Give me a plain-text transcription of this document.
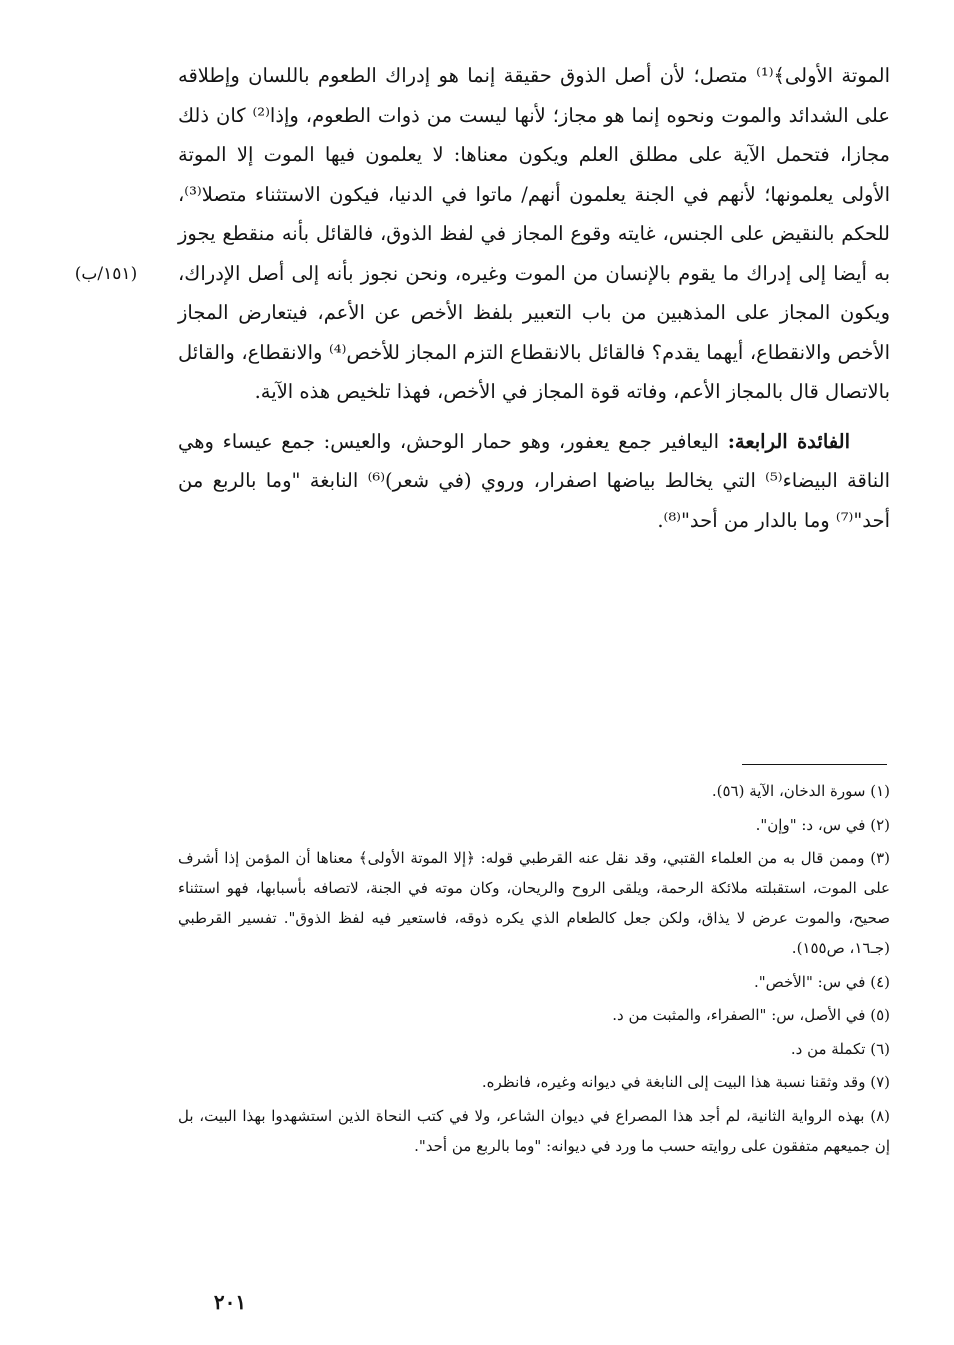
الموتة الأولى﴾⁽¹⁾ متصل؛ لأن أصل الذوق حقيقة إنما هو إدراك الطعوم باللسان وإطلاقه على الشدائد والموت ونحوه إنما هو مجاز؛ لأنها ليست من ذوات الطعوم، وإذا⁽²⁾ كان ذلك مجازا، فتحمل الآية على مطلق العلم ويكون معناها: لا يعلمون فيها الموت إلا الموتة الأولى يعلمونها؛ لأنهم في الجنة يعلمون أنهم/ ماتوا في الدنيا، فيكون الاستثناء متصلا⁽³⁾، للحكم بالنقيض على الجنس، غايته وقوع المجاز في لفظ الذوق، فالقائل بأنه منقطع يجوز به أيضا إلى إدراك ما يقوم بالإنسان من الموت وغيره، ونحن نجوز بأنه إلى أصل الإدراك، ويكون المجاز على المذهبين من باب التعبير بلفظ الأخص عن الأعم، فيتعارض المجاز الأخص والانقطاع، أيهما يقدم؟ فالقائل بالانقطاع التزم المجاز للأخص⁽⁴⁾ والانقطاع، والقائل بالاتصال قال بالمجاز الأعم، وفاته قوة المجاز في الأخص، فهذا تلخيص هذه الآية.

الفائدة الرابعة: اليعافير جمع يعفور، وهو حمار الوحش، والعيس: جمع عيساء وهي الناقة البيضاء⁽⁵⁾ التي يخالط بياضها اصفرار، وروي (في شعر)⁽⁶⁾ النابغة "وما بالربع من أحد"⁽⁷⁾ وما بالدار من أحد"⁽⁸⁾.

(١٥١/ب)

(١) سورة الدخان، الآية (٥٦).

(٢) في س، د: "وإن".

(٣) وممن قال به من العلماء القتبي، وقد نقل عنه القرطبي قوله: ﴿إلا الموتة الأولى﴾ معناها أن المؤمن إذا أشرف على الموت، استقبلته ملائكة الرحمة، ويلقى الروح والريحان، وكان موته في الجنة، لاتصافه بأسبابها، فهو استثناء صحيح، والموت عرض لا يذاق، ولكن جعل كالطعام الذي يكره ذوقه، فاستعير فيه لفظ الذوق". تفسير القرطبي (جـ١٦، ص١٥٥).

(٤) في س: "الأخص".

(٥) في الأصل، س: "الصفراء، والمثبت من د.

(٦) تكملة من د.

(٧) وقد وثقنا نسبة هذا البيت إلى النابغة في ديوانه وغيره، فانظره.

(٨) بهذه الرواية الثانية، لم أجد هذا المصراع في ديوان الشاعر، ولا في كتب النحاة الذين استشهدوا بهذا البيت، بل إن جميعهم متفقون على روايته حسب ما ورد في ديوانه: "وما بالربع من أحد".

٢٠١
